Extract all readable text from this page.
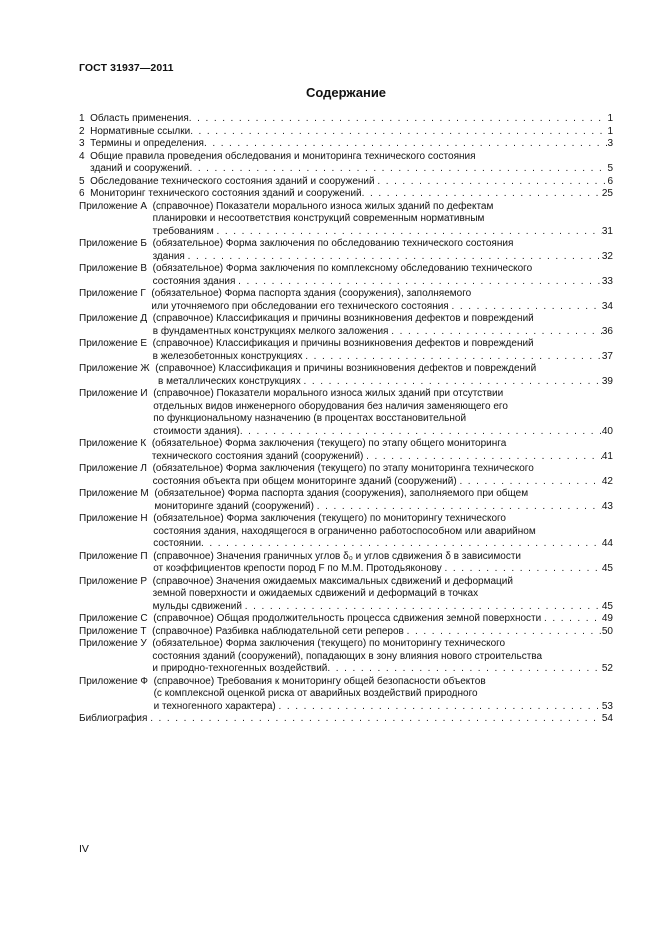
ГОСТ 31937—2011
Содержание
1 Область применения . . .	1
2 Нормативные ссылки . . .	1
3 Термины и определения . . .	3
4 Общие правила проведения обследования и мониторинга технического состояния
зданий и сооружений . . .	5
5 Обследование технического состояния зданий и сооружений . . .	6
6 Мониторинг технического состояния зданий и сооружений . . .	25
Приложение А (справочное) Показатели морального износа жилых зданий по дефектам
планировки и несоответствия конструкций современным нормативным
требованиям . . .	31
Приложение Б (обязательное) Форма заключения по обследованию технического состояния
здания . . .	32
Приложение В (обязательное) Форма заключения по комплексному обследованию технического
состояния здания . . .	33
Приложение Г (обязательное) Форма паспорта здания (сооружения), заполняемого
или уточняемого при обследовании его технического состояния . . .	34
Приложение Д (справочное) Классификация и причины возникновения дефектов и повреждений
в фундаментных конструкциях мелкого заложения . . .	36
Приложение Е (справочное) Классификация и причины возникновения дефектов и повреждений
в железобетонных конструкциях . . .	37
Приложение Ж (справочное) Классификация и причины возникновения дефектов и повреждений
в металлических конструкциях . . .	39
Приложение И (справочное) Показатели морального износа жилых зданий при отсутствии
отдельных видов инженерного оборудования без наличия заменяющего его
по функциональному назначению (в процентах восстановительной
стоимости здания) . . .	40
Приложение К (обязательное) Форма заключения (текущего) по этапу общего мониторинга
технического состояния зданий (сооружений) . . .	41
Приложение Л (обязательное) Форма заключения (текущего) по этапу мониторинга технического
состояния объекта при общем мониторинге зданий (сооружений) . . .	42
Приложение М (обязательное) Форма паспорта здания (сооружения), заполняемого при общем
мониторинге зданий (сооружений) . . .	43
Приложение Н (обязательное) Форма заключения (текущего) по мониторингу технического
состояния здания, находящегося в ограниченно работоспособном или аварийном
состоянии . . .	44
Приложение П (справочное) Значения граничных углов δ₀ и углов сдвижения δ в зависимости
от коэффициентов крепости пород F по М.М. Протодьяконову . . .	45
Приложение Р (справочное) Значения ожидаемых максимальных сдвижений и деформаций
земной поверхности и ожидаемых сдвижений и деформаций в точках
мульды сдвижений . . .	45
Приложение С (справочное) Общая продолжительность процесса сдвижения земной поверхности . . .	49
Приложение Т (справочное) Разбивка наблюдательной сети реперов . . .	50
Приложение У (обязательное) Форма заключения (текущего) по мониторингу технического
состояния зданий (сооружений), попадающих в зону влияния нового строительства
и природно-техногенных воздействий . . .	52
Приложение Ф (справочное) Требования к мониторингу общей безопасности объектов
(с комплексной оценкой риска от аварийных воздействий природного
и техногенного характера) . . .	53
Библиография . . .	54
IV
